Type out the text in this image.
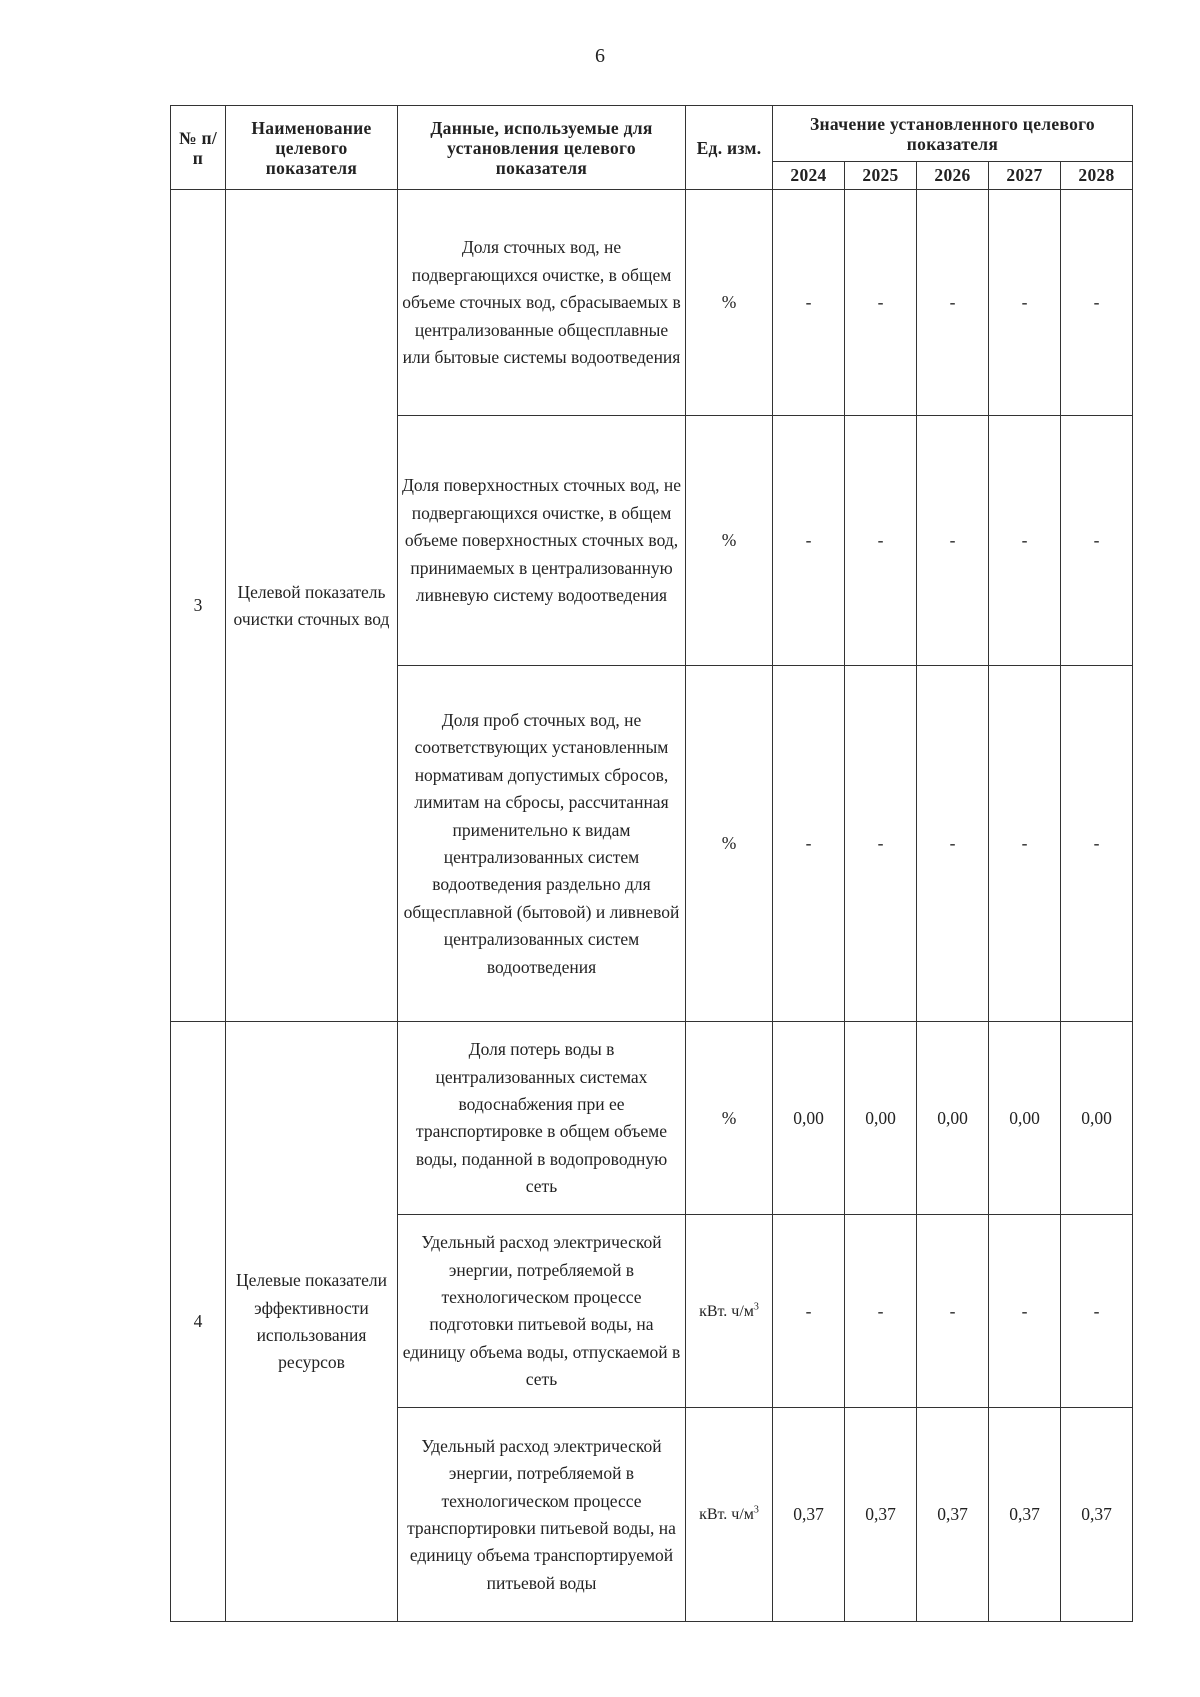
6
№ п/п	Наименование целевого показателя	Данные, используемые для установления целевого показателя	Ед. изм.	Значение установленного целевого показателя				
				2024	2025	2026	2027	2028
3	Целевой показатель очистки сточных вод	Доля сточных вод, не подвергающихся очистке, в общем объеме сточных вод, сбрасываемых в централизованные общесплавные или бытовые системы водоотведения	%	-	-	-	-	-
		Доля поверхностных сточных вод, не подвергающихся очистке, в общем объеме поверхностных сточных вод, принимаемых в централизованную ливневую систему водоотведения	%	-	-	-	-	-
		Доля проб сточных вод, не соответствующих установленным нормативам допустимых сбросов, лимитам на сбросы, рассчитанная применительно к видам централизованных систем водоотведения раздельно для общесплавной (бытовой) и ливневой централизованных систем водоотведения	%	-	-	-	-	-
4	Целевые показатели эффективности использования ресурсов	Доля потерь воды в централизованных системах водоснабжения при ее транспортировке в общем объеме воды, поданной в водопроводную сеть	%	0,00	0,00	0,00	0,00	0,00
		Удельный расход электрической энергии, потребляемой в технологическом процессе подготовки питьевой воды, на единицу объема воды, отпускаемой в сеть	кВт. $ч/м^3$	-	-	-	-	-
		Удельный расход электрической энергии, потребляемой в технологическом процессе транспортировки питьевой воды, на единицу объема транспортируемой питьевой воды	кВт. $ч/м^3$	0,37	0,37	0,37	0,37	0,37
